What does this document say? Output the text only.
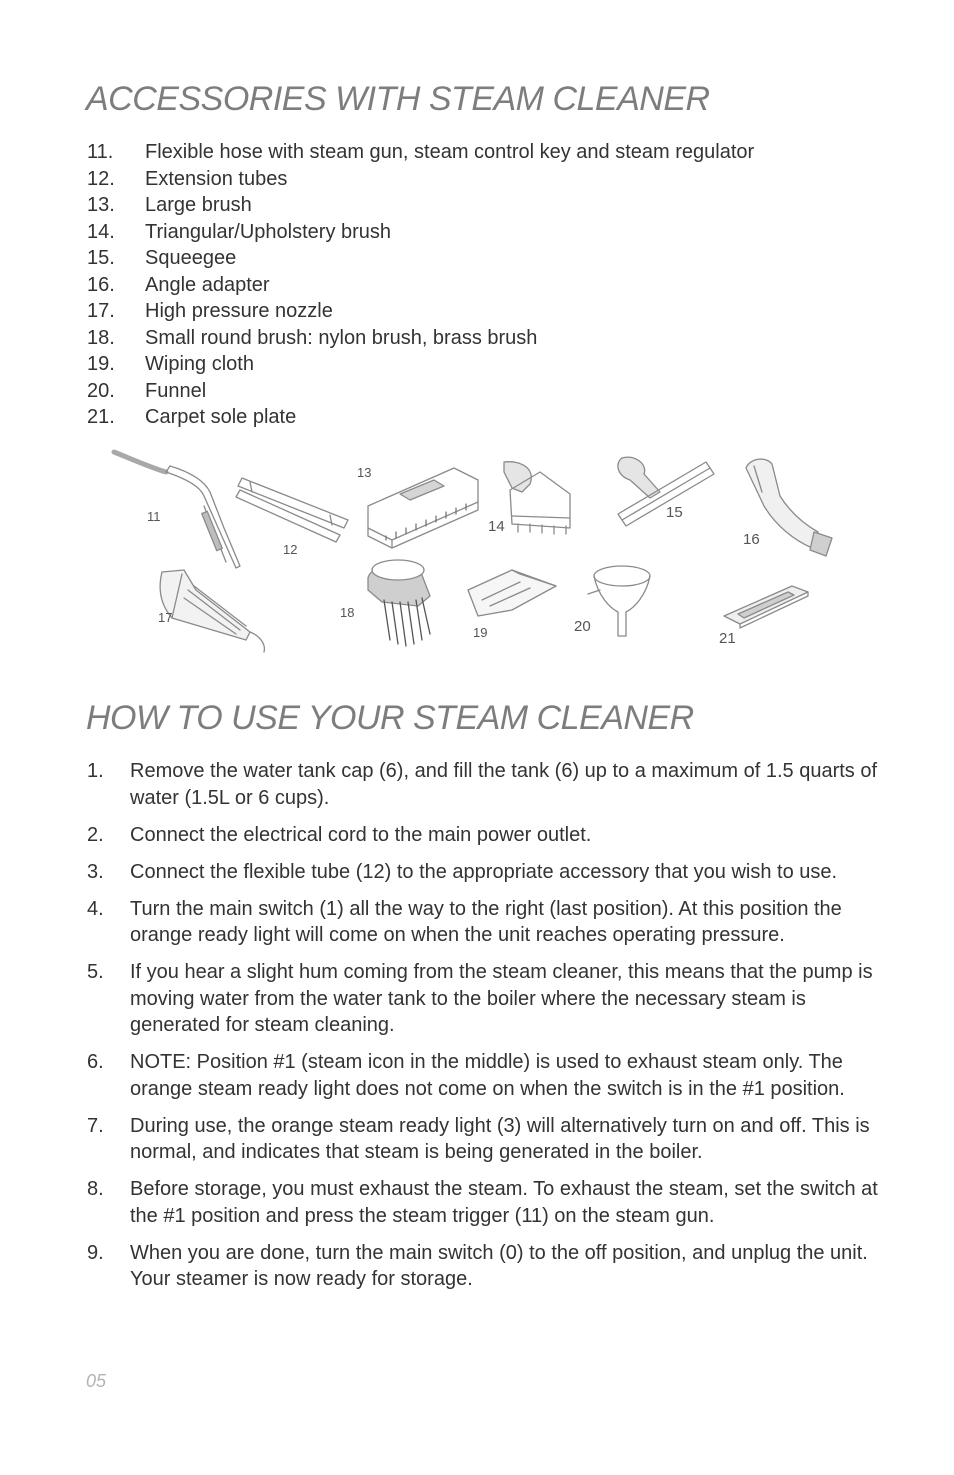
ACCESSORIES WITH STEAM CLEANER
11. Flexible hose with steam gun, steam control key and steam regulator
12. Extension tubes
13. Large brush
14. Triangular/Upholstery brush
15. Squeegee
16. Angle adapter
17. High pressure nozzle
18. Small round brush: nylon brush, brass brush
19. Wiping cloth
20. Funnel
21. Carpet sole plate
11
12
13
14
15
16
17	18
19	20
21
HOW TO USE YOUR STEAM CLEANER
1. Remove the water tank cap (6), and fill the tank (6) up to a maximum of 1.5 quarts of water (1.5L or 6 cups).
2. Connect the electrical cord to the main power outlet.
3. Connect the flexible tube (12) to the appropriate accessory that you wish to use.
4. Turn the main switch (1) all the way to the right (last position). At this position the orange ready light will come on when the unit reaches operating pressure.
5. If you hear a slight hum coming from the steam cleaner, this means that the pump is moving water from the water tank to the boiler where the necessary steam is generated for steam cleaning.
6. NOTE: Position #1 (steam icon in the middle) is used to exhaust steam only. The orange steam ready light does not come on when the switch is in the #1 position.
7. During use, the orange steam ready light (3) will alternatively turn on and off. This is normal, and indicates that steam is being generated in the boiler.
8. Before storage, you must exhaust the steam. To exhaust the steam, set the switch at the #1 position and press the steam trigger (11) on the steam gun.
9. When you are done, turn the main switch (0) to the off position, and unplug the unit. Your steamer is now ready for storage.
05
